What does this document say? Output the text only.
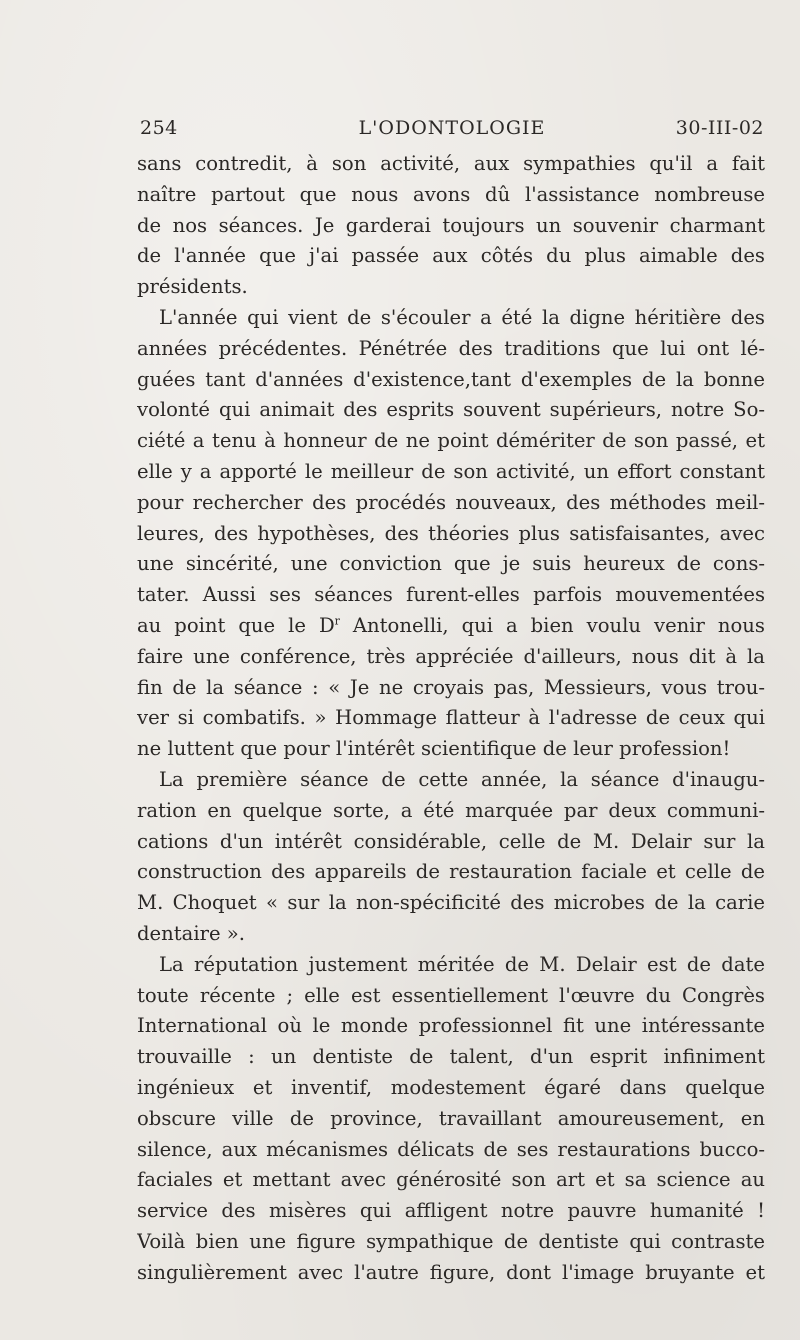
L'ODONTOLOGIE
254	30-III-02
sans contredit, à son activité, aux sympathies qu'il a fait
naître partout que nous avons dû l'assistance nombreuse
de nos séances. Je garderai toujours un souvenir charmant
de l'année que j'ai passée aux côtés du plus aimable des
présidents.
L'année qui vient de s'écouler a été la digne héritière des
années précédentes. Pénétrée des traditions que lui ont lé-
guées tant d'années d'existence,tant d'exemples de la bonne
volonté qui animait des esprits souvent supérieurs, notre So-
ciété a tenu à honneur de ne point démériter de son passé, et
elle y a apporté le meilleur de son activité, un effort constant
pour rechercher des procédés nouveaux, des méthodes meil-
leures, des hypothèses, des théories plus satisfaisantes, avec
une sincérité, une conviction que je suis heureux de cons-
tater. Aussi ses séances furent-elles parfois mouvementées
au point que le $D^r$ Antonelli, qui a bien voulu venir nous
faire une conférence, très appréciée d'ailleurs, nous dit à la
fin de la séance : « Je ne croyais pas, Messieurs, vous trou-
ver si combatifs. » Hommage flatteur à l'adresse de ceux qui
ne luttent que pour l'intérêt scientifique de leur profession!
La première séance de cette année, la séance d'inaugu-
ration en quelque sorte, a été marquée par deux communi-
cations d'un intérêt considérable, celle de M. Delair sur la
construction des appareils de restauration faciale et celle de
M. Choquet « sur la non-spécificité des microbes de la carie
dentaire ».
La réputation justement méritée de M. Delair est de date
toute récente ; elle est essentiellement l'œuvre du Congrès
International où le monde professionnel fit une intéressante
trouvaille : un dentiste de talent, d'un esprit infiniment
ingénieux et inventif, modestement égaré dans quelque
obscure ville de province, travaillant amoureusement, en
silence, aux mécanismes délicats de ses restaurations bucco-
faciales et mettant avec générosité son art et sa science au
service des misères qui affligent notre pauvre humanité !
Voilà bien une figure sympathique de dentiste qui contraste
singulièrement avec l'autre figure, dont l'image bruyante et
